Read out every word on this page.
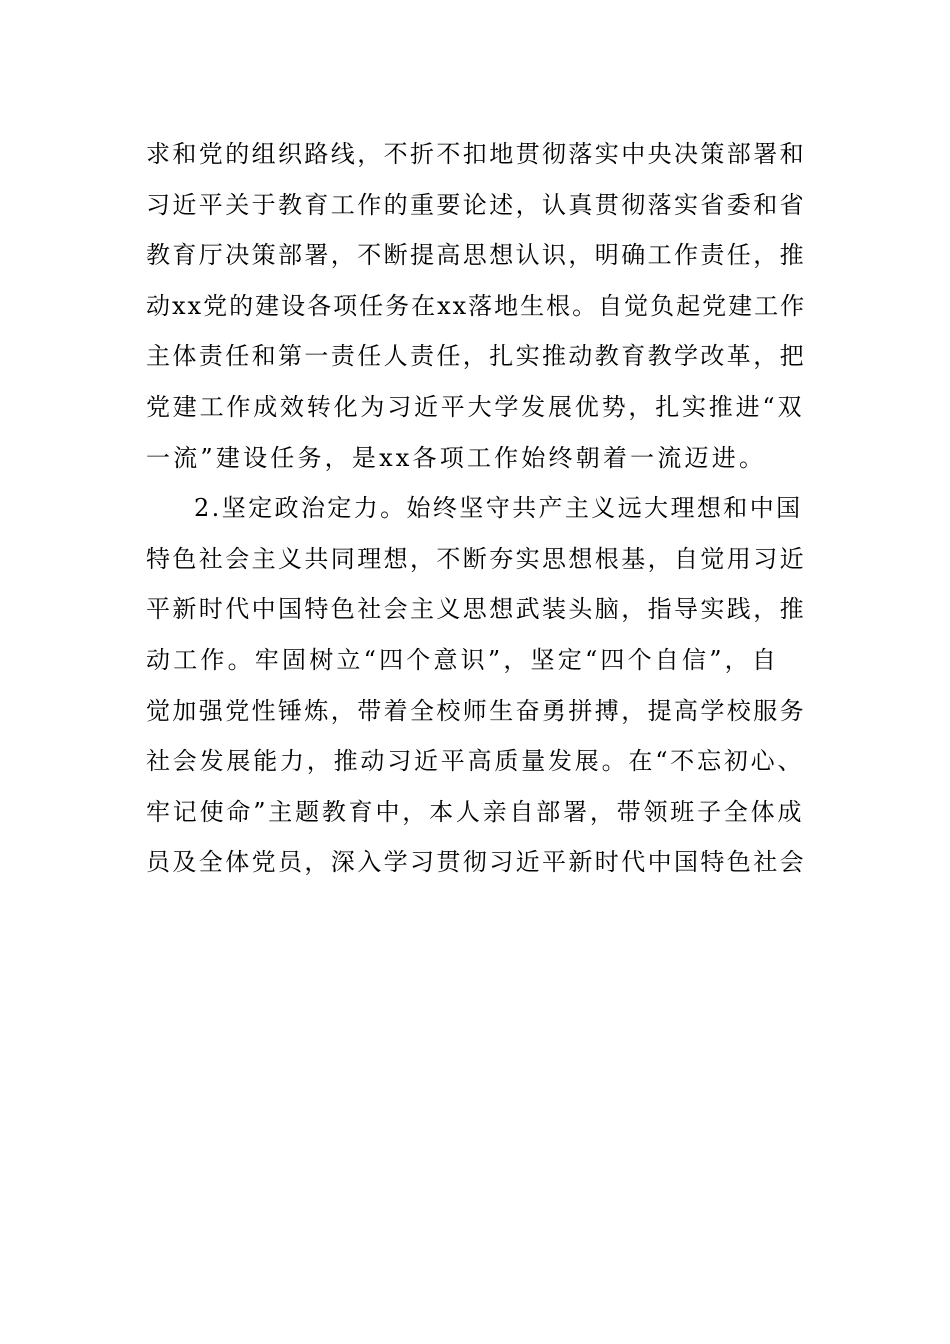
求和党的组织路线，不折不扣地贯彻落实中央决策部署和
习近平关于教育工作的重要论述，认真贯彻落实省委和省
教育厅决策部署，不断提高思想认识，明确工作责任，推
动xx党的建设各项任务在xx落地生根。自觉负起党建工作
主体责任和第一责任人责任，扎实推动教育教学改革，把
党建工作成效转化为习近平大学发展优势，扎实推进“双
一流”建设任务，是xx各项工作始终朝着一流迈进。
2.坚定政治定力。始终坚守共产主义远大理想和中国
特色社会主义共同理想，不断夯实思想根基，自觉用习近
平新时代中国特色社会主义思想武装头脑，指导实践，推
动工作。牢固树立“四个意识”，坚定“四个自信”，自
觉加强党性锤炼，带着全校师生奋勇拼搏，提高学校服务
社会发展能力，推动习近平高质量发展。在“不忘初心、
牢记使命”主题教育中，本人亲自部署，带领班子全体成
员及全体党员，深入学习贯彻习近平新时代中国特色社会
